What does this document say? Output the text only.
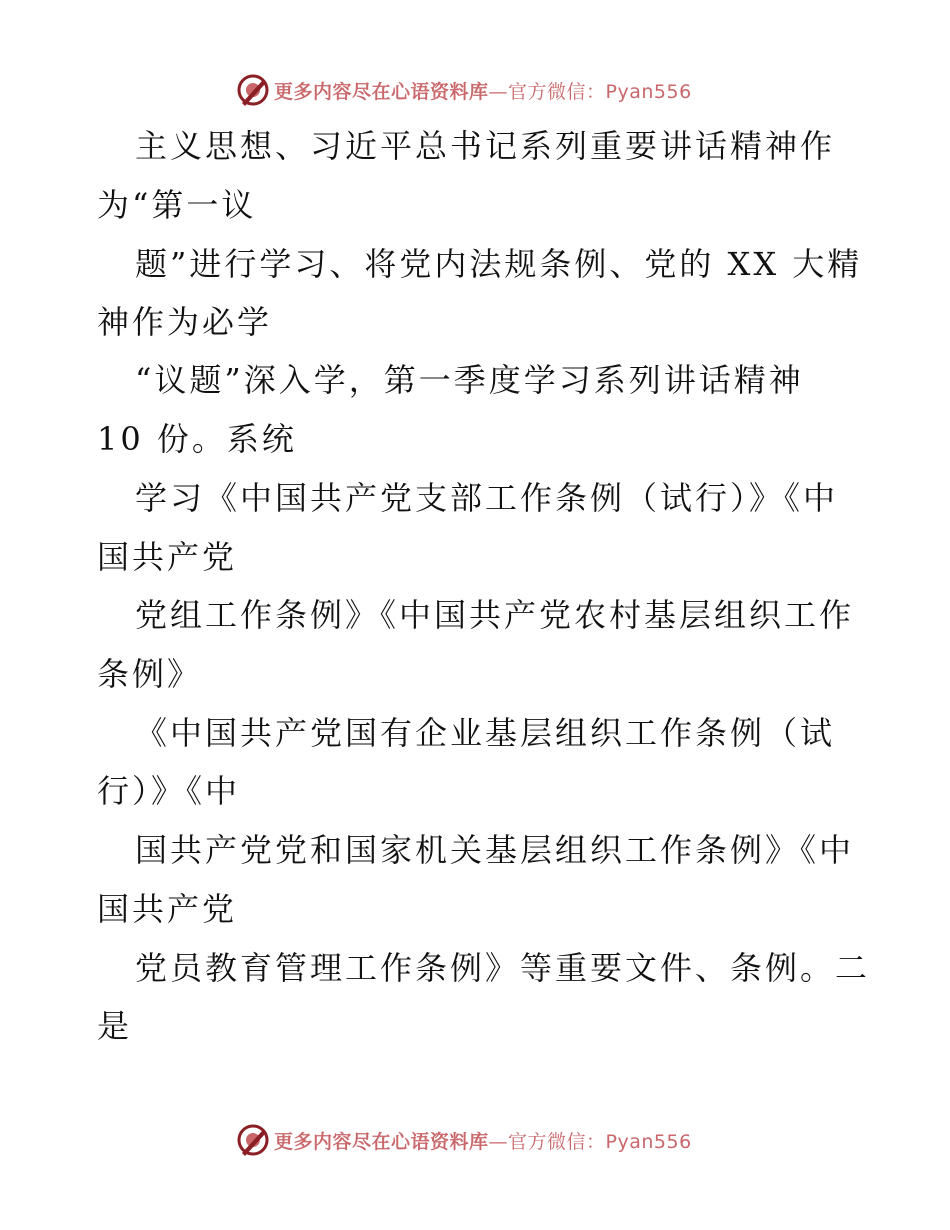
更多内容尽在心语资料库—官方微信：Pyan556
主义思想、习近平总书记系列重要讲话精神作
为“第一议
题”进行学习、将党内法规条例、党的 XX 大精
神作为必学
“议题”深入学，第一季度学习系列讲话精神
10 份。系统
学习《中国共产党支部工作条例（试行）》《中
国共产党
党组工作条例》《中国共产党农村基层组织工作
条例》
《中国共产党国有企业基层组织工作条例（试
行）》《中
国共产党党和国家机关基层组织工作条例》《中
国共产党
党员教育管理工作条例》等重要文件、条例。二
是
更多内容尽在心语资料库—官方微信：Pyan556
